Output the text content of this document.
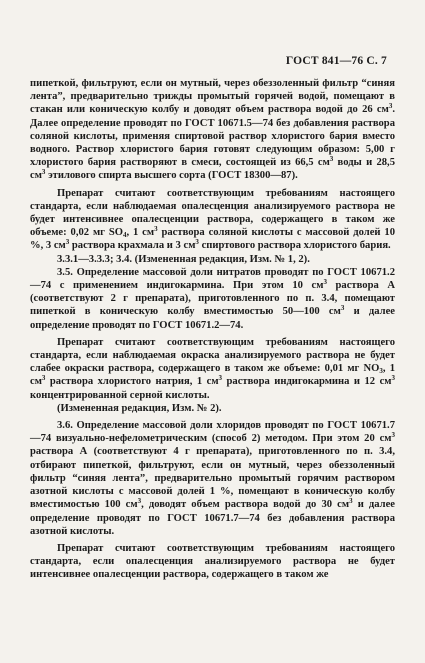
ГОСТ 841—76 С. 7

пипеткой, фильтруют, если он мутный, через обеззоленный фильтр “синяя лента”, предварительно трижды промытый горячей водой, помещают в стакан или коническую колбу и доводят объем раствора водой до 26 $см^3$. Далее определение проводят по ГОСТ 10671.5—74 без добавления раствора соляной кислоты, применяя спиртовой раствор хлористого бария вместо водного. Раствор хлористого бария готовят следующим образом: 5,00 г хлористого бария растворяют в смеси, состоящей из 66,5 $см^3$ воды и 28,5 $см^3$ этилового спирта высшего сорта (ГОСТ 18300—87).

Препарат считают соответствующим требованиям настоящего стандарта, если наблюдаемая опалесценция анализируемого раствора не будет интенсивнее опалесценции раствора, содержащего в таком же объеме: 0,02 мг $SO_4$, 1 $см^3$ раствора соляной кислоты с массовой долей 10 %, 3 $см^3$ раствора крахмала и 3 $см^3$ спиртового раствора хлористого бария.

3.3.1—3.3.3; 3.4. (Измененная редакция, Изм. № 1, 2).

3.5. Определение массовой доли нитратов проводят по ГОСТ 10671.2—74 с применением индигокармина. При этом 10 $см^3$ раствора А (соответствуют 2 г препарата), приготовленного по п. 3.4, помещают пипеткой в коническую колбу вместимостью 50—100 $см^3$ и далее определение проводят по ГОСТ 10671.2—74.

Препарат считают соответствующим требованиям настоящего стандарта, если наблюдаемая окраска анализируемого раствора не будет слабее окраски раствора, содержащего в таком же объеме: 0,01 мг $NO_3$, 1 $см^3$ раствора хлористого натрия, 1 $см^3$ раствора индигокармина и 12 $см^3$ концентрированной серной кислоты.

(Измененная редакция, Изм. № 2).

3.6. Определение массовой доли хлоридов проводят по ГОСТ 10671.7—74 визуально-нефелометрическим (способ 2) методом. При этом 20 $см^3$ раствора А (соответствуют 4 г препарата), приготовленного по п. 3.4, отбирают пипеткой, фильтруют, если он мутный, через обеззоленный фильтр “синяя лента”, предварительно промытый горячим раствором азотной кислоты с массовой долей 1 %, помещают в коническую колбу вместимостью 100 $см^3$, доводят объем раствора водой до 30 $см^3$ и далее определение проводят по ГОСТ 10671.7—74 без добавления раствора азотной кислоты.

Препарат считают соответствующим требованиям настоящего стандарта, если опалесценция анализируемого раствора не будет интенсивнее опалесценции раствора, содержащего в таком же
